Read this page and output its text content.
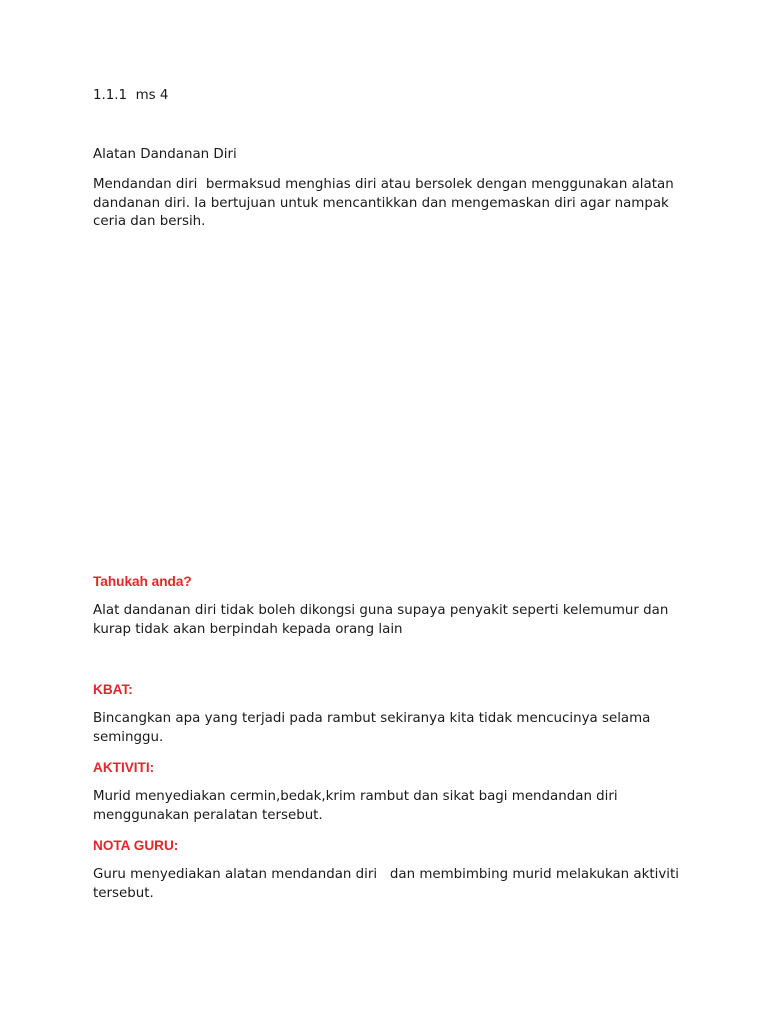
1.1.1  ms 4

Alatan Dandanan Diri

Mendandan diri  bermaksud menghias diri atau bersolek dengan menggunakan alatan dandanan diri. Ia bertujuan untuk mencantikkan dan mengemaskan diri agar nampak ceria dan bersih.

Tahukah anda?

Alat dandanan diri tidak boleh dikongsi guna supaya penyakit seperti kelemumur dan kurap tidak akan berpindah kepada orang lain

KBAT:

Bincangkan apa yang terjadi pada rambut sekiranya kita tidak mencucinya selama seminggu.

AKTIVITI:

Murid menyediakan cermin,bedak,krim rambut dan sikat bagi mendandan diri menggunakan peralatan tersebut.

NOTA GURU:

Guru menyediakan alatan mendandan diri   dan membimbing murid melakukan aktiviti tersebut.
